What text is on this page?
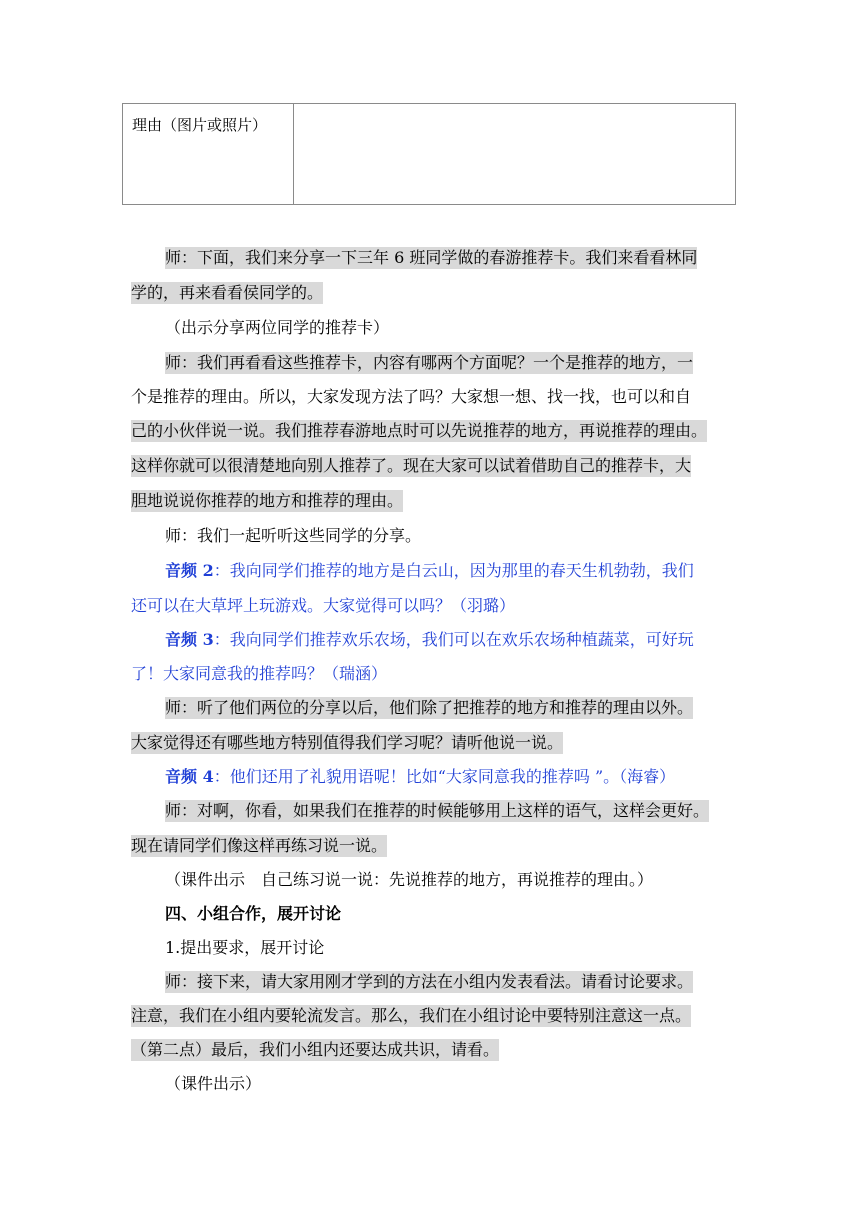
理由（图片或照片）
师：下面，我们来分享一下三年 6 班同学做的春游推荐卡。我们来看看林同
学的，再来看看侯同学的。
（出示分享两位同学的推荐卡）
师：我们再看看这些推荐卡，内容有哪两个方面呢？一个是推荐的地方，一
个是推荐的理由。所以，大家发现方法了吗？大家想一想、找一找，也可以和自
己的小伙伴说一说。我们推荐春游地点时可以先说推荐的地方，再说推荐的理由。
这样你就可以很清楚地向别人推荐了。现在大家可以试着借助自己的推荐卡，大
胆地说说你推荐的地方和推荐的理由。
师：我们一起听听这些同学的分享。
音频 2：我向同学们推荐的地方是白云山，因为那里的春天生机勃勃，我们
还可以在大草坪上玩游戏。大家觉得可以吗？（羽璐）
音频 3：我向同学们推荐欢乐农场，我们可以在欢乐农场种植蔬菜，可好玩
了！大家同意我的推荐吗？（瑞涵）
师：听了他们两位的分享以后，他们除了把推荐的地方和推荐的理由以外。
大家觉得还有哪些地方特别值得我们学习呢？请听他说一说。
音频 4：他们还用了礼貌用语呢！比如“大家同意我的推荐吗 ”。（海睿）
师：对啊，你看，如果我们在推荐的时候能够用上这样的语气，这样会更好。
现在请同学们像这样再练习说一说。
（课件出示　自己练习说一说：先说推荐的地方，再说推荐的理由。）
四、小组合作，展开讨论
1.提出要求，展开讨论
师：接下来，请大家用刚才学到的方法在小组内发表看法。请看讨论要求。
注意，我们在小组内要轮流发言。那么，我们在小组讨论中要特别注意这一点。
（第二点）最后，我们小组内还要达成共识，请看。
（课件出示）
